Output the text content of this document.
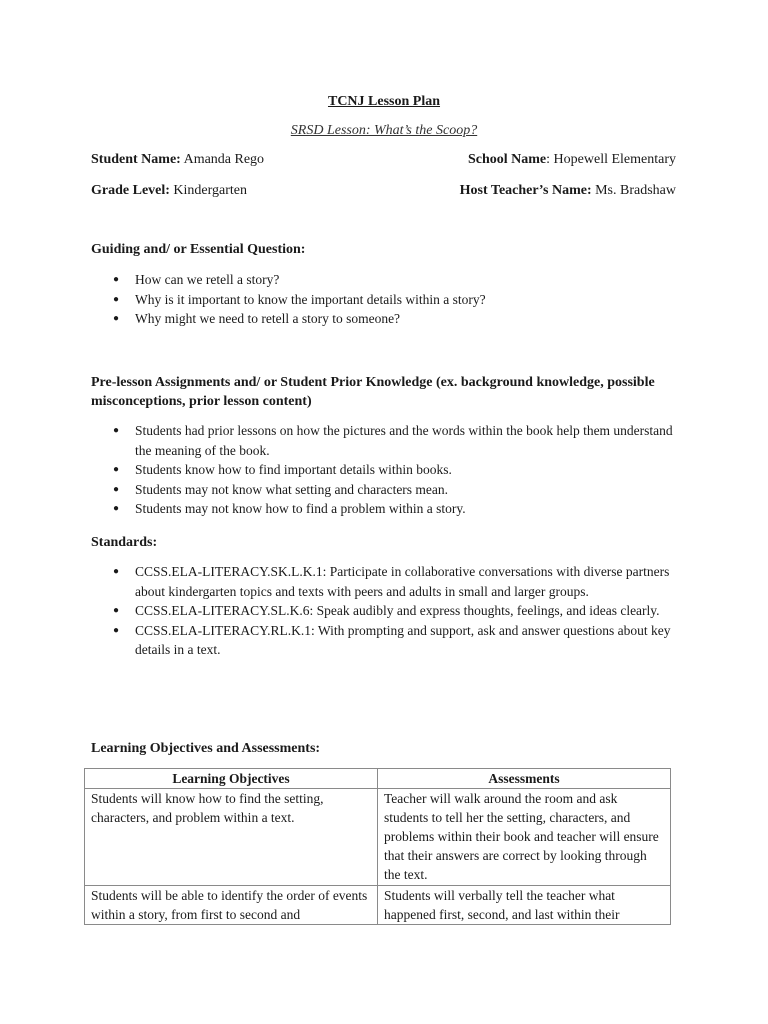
TCNJ Lesson Plan
SRSD Lesson: What’s the Scoop?
Student Name: Amanda Rego	School Name: Hopewell Elementary
Grade Level: Kindergarten	Host Teacher’s Name: Ms. Bradshaw
Guiding and/ or Essential Question:
● How can we retell a story?
● Why is it important to know the important details within a story?
● Why might we need to retell a story to someone?
Pre-lesson Assignments and/ or Student Prior Knowledge (ex. background knowledge, possible misconceptions, prior lesson content)
● Students had prior lessons on how the pictures and the words within the book help them understand the meaning of the book.
● Students know how to find important details within books.
● Students may not know what setting and characters mean.
● Students may not know how to find a problem within a story.
Standards:
● CCSS.ELA-LITERACY.SK.L.K.1: Participate in collaborative conversations with diverse partners about kindergarten topics and texts with peers and adults in small and larger groups.
● CCSS.ELA-LITERACY.SL.K.6: Speak audibly and express thoughts, feelings, and ideas clearly.
● CCSS.ELA-LITERACY.RL.K.1: With prompting and support, ask and answer questions about key details in a text.
Learning Objectives and Assessments:
Learning Objectives	Assessments
Students will know how to find the setting, characters, and problem within a text.	Teacher will walk around the room and ask students to tell her the setting, characters, and problems within their book and teacher will ensure that their answers are correct by looking through the text.
Students will be able to identify the order of events within a story, from first to second and	Students will verbally tell the teacher what happened first, second, and last within their
